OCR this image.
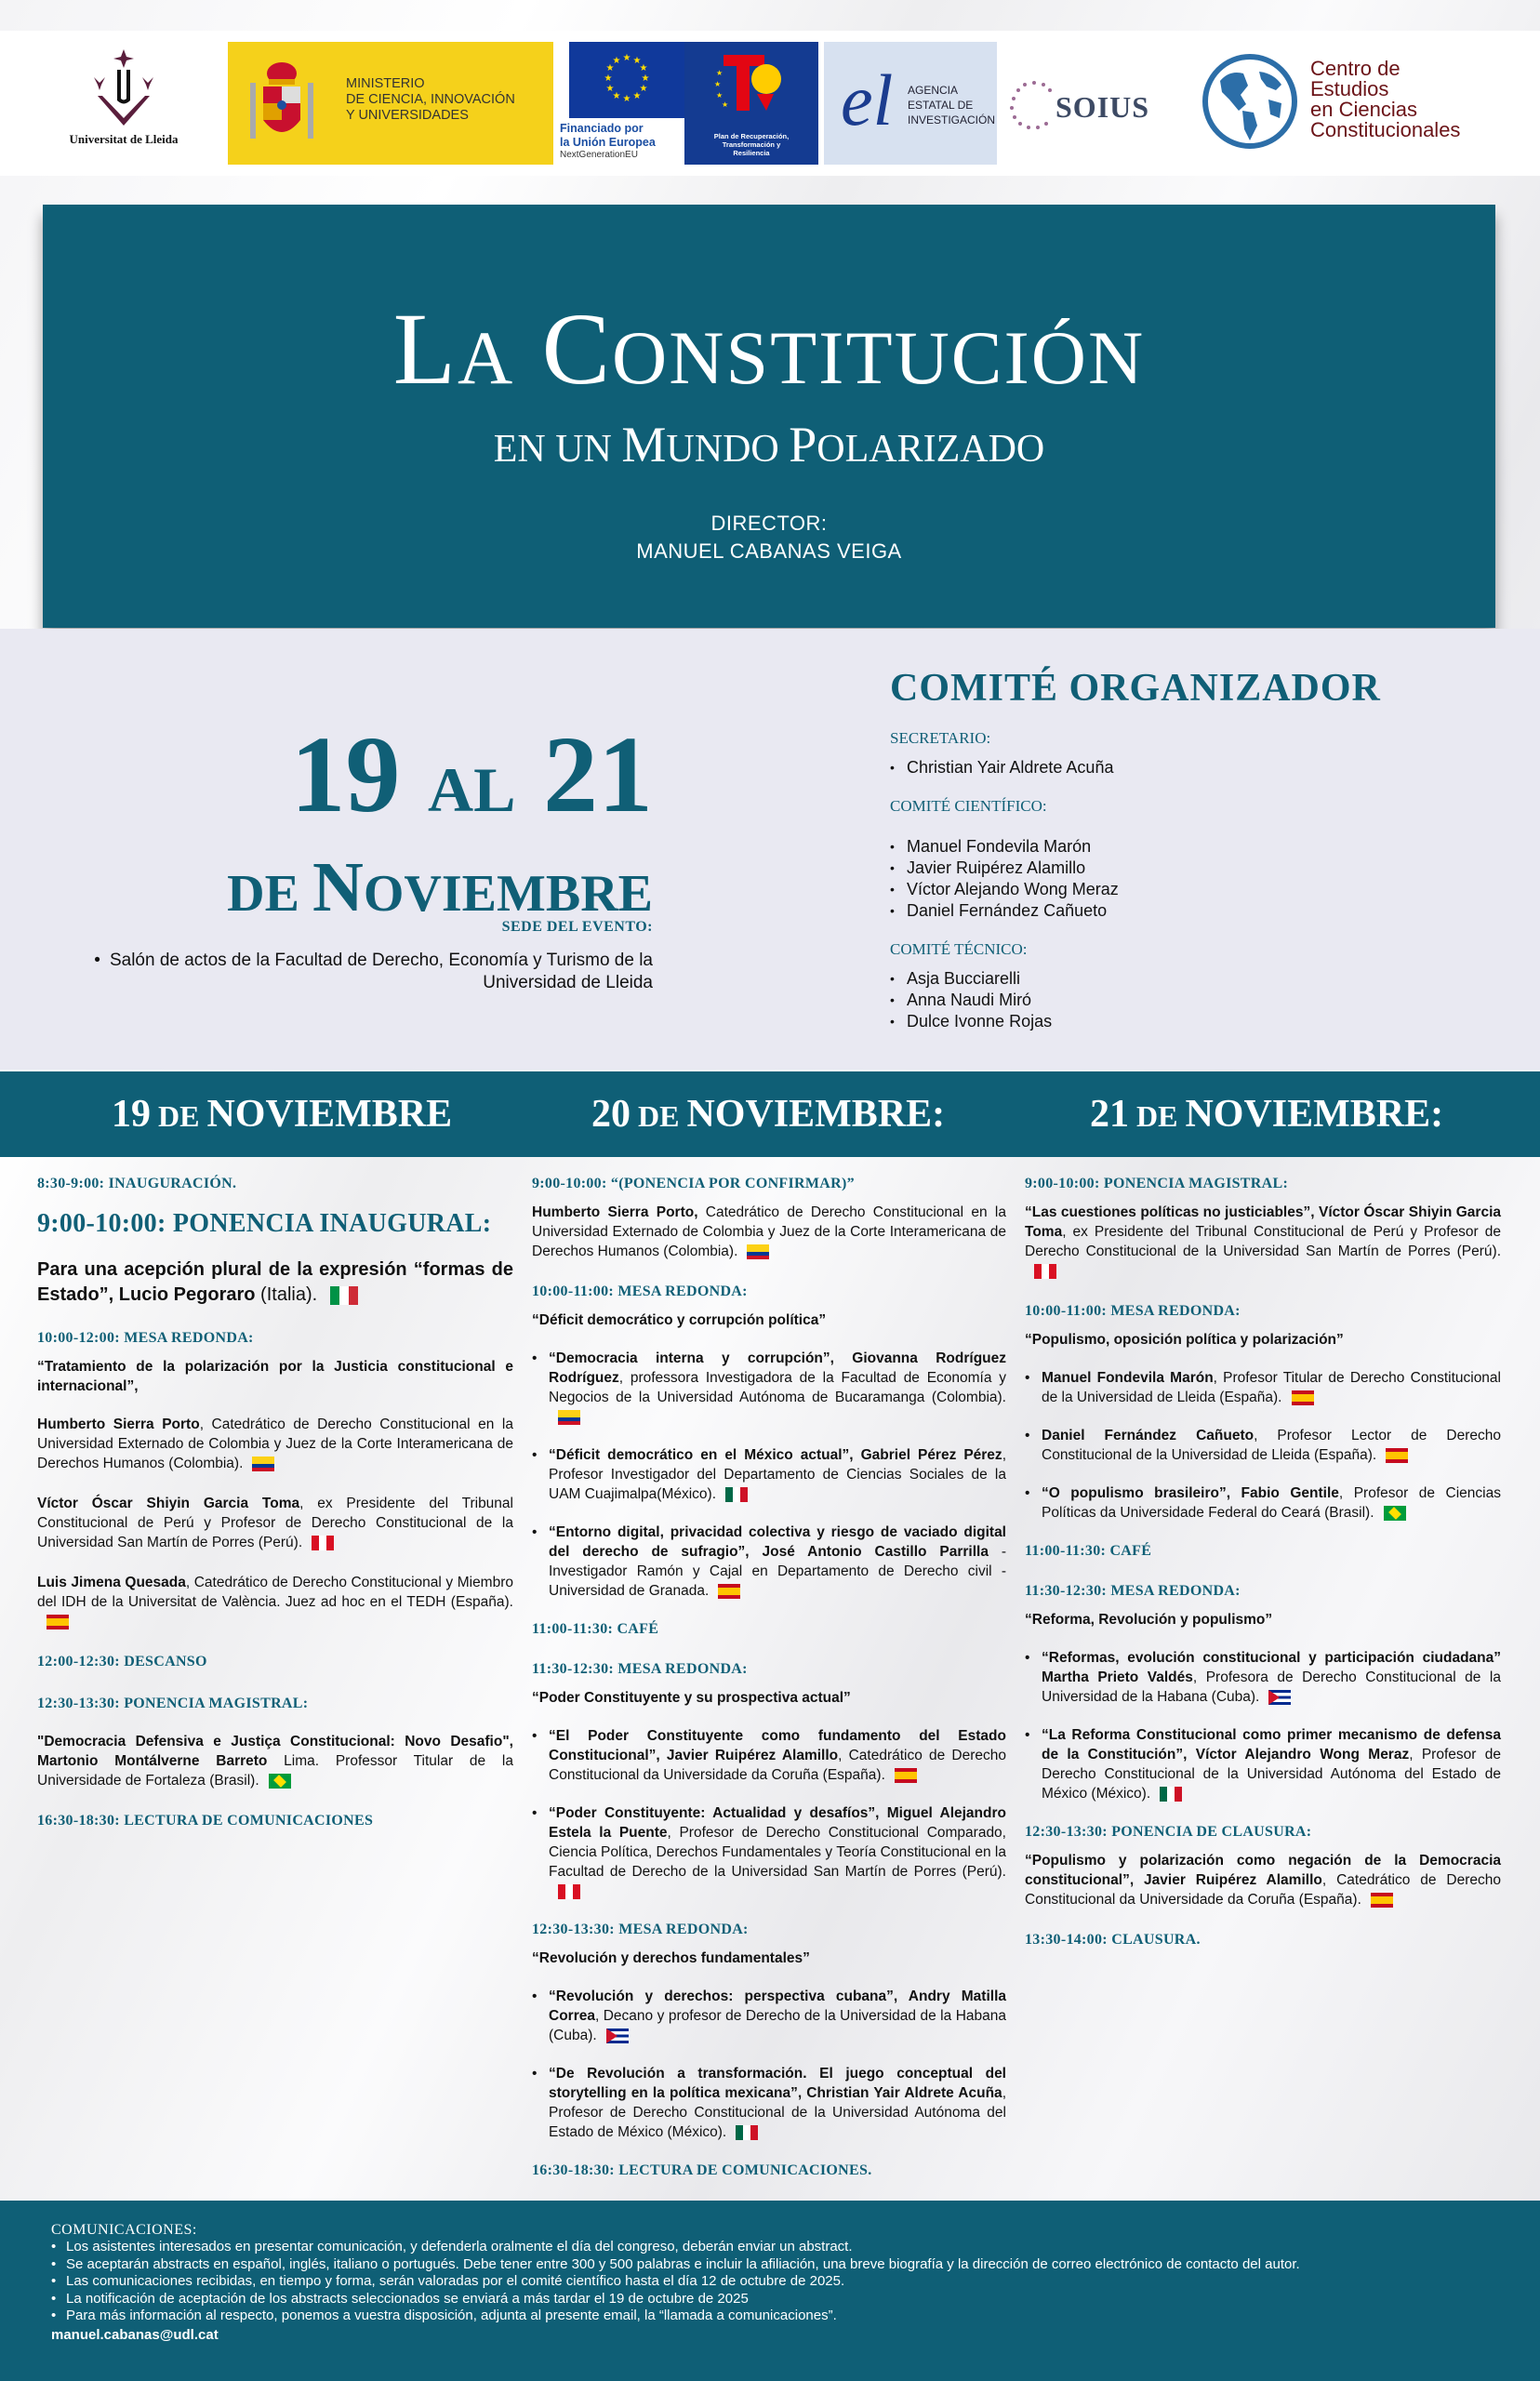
Universitat de Lleida
MINISTERIO
DE CIENCIA, INNOVACIÓN
Y UNIVERSIDADES
★ ★
★
★
★
★
★
★
★
★
★
★
Financiado por
la Unión Europea
NextGenerationEU
★
★
★
★
Plan de Recuperación,
Transformación y
Resiliencia
el AGENCIA
ESTATAL DE
INVESTIGACIÓN SOIUS
Centro de
Estudios
en Ciencias
Constitucionales
LA CONSTITUCIÓN
EN UN MUNDO POLARIZADO
DIRECTOR:
MANUEL CABANAS VEIGA
19 AL 21
DE NOVIEMBRE
SEDE DEL EVENTO:
• Salón de actos de la Facultad de Derecho, Economía y Turismo de la Universidad de Lleida
COMITÉ ORGANIZADOR
SECRETARIO:
• Christian Yair Aldrete Acuña
COMITÉ CIENTÍFICO:
• Manuel Fondevila Marón
• Javier Ruipérez Alamillo
• Víctor Alejando Wong Meraz
• Daniel Fernández Cañueto
COMITÉ TÉCNICO:
• Asja Bucciarelli
• Anna Naudi Miró
• Dulce Ivonne Rojas
19 DE NOVIEMBRE	20 DE NOVIEMBRE:	21 DE NOVIEMBRE:
8:30-9:00: INAUGURACIÓN.
9:00-10:00: PONENCIA INAUGURAL:
Para una acepción plural de la expresión “formas de Estado”, Lucio Pegoraro (Italia).
10:00-12:00: MESA REDONDA:
“Tratamiento de la polarización por la Justicia constitucional e internacional”,
Humberto Sierra Porto, Catedrático de Derecho Constitucional en la Universidad Externado de Colombia y Juez de la Corte Interamericana de Derechos Humanos (Colombia).
Víctor Óscar Shiyin Garcia Toma, ex Presidente del Tribunal Constitucional de Perú y Profesor de Derecho Constitucional de la Universidad San Martín de Porres (Perú).
Luis Jimena Quesada, Catedrático de Derecho Constitucional y Miembro del IDH de la Universitat de València. Juez ad hoc en el TEDH (España).
12:00-12:30: DESCANSO
12:30-13:30: PONENCIA MAGISTRAL:
"Democracia Defensiva e Justiça Constitucional: Novo Desafio", Martonio Montálverne Barreto Lima. Professor Titular de la Universidade de Fortaleza (Brasil).
16:30-18:30: LECTURA DE COMUNICACIONES
9:00-10:00: “(PONENCIA POR CONFIRMAR)”
Humberto Sierra Porto, Catedrático de Derecho Constitucional en la Universidad Externado de Colombia y Juez de la Corte Interamericana de Derechos Humanos (Colombia).
10:00-11:00: MESA REDONDA:
“Déficit democrático y corrupción política”
• “Democracia interna y corrupción”, Giovanna Rodríguez Rodríguez, professora Investigadora de la Facultad de Economía y Negocios de la Universidad Autónoma de Bucaramanga (Colombia).
• “Déficit democrático en el México actual”, Gabriel Pérez Pérez, Profesor Investigador del Departamento de Ciencias Sociales de la UAM Cuajimalpa(México).
• “Entorno digital, privacidad colectiva y riesgo de vaciado digital del derecho de sufragio”, José Antonio Castillo Parrilla - Investigador Ramón y Cajal en Departamento de Derecho civil - Universidad de Granada.
11:00-11:30: CAFÉ
11:30-12:30: MESA REDONDA:
“Poder Constituyente y su prospectiva actual”
• “El Poder Constituyente como fundamento del Estado Constitucional”, Javier Ruipérez Alamillo, Catedrático de Derecho Constitucional da Universidade da Coruña (España).
• “Poder Constituyente: Actualidad y desafíos”, Miguel Alejandro Estela la Puente, Profesor de Derecho Constitucional Comparado, Ciencia Política, Derechos Fundamentales y Teoría Constitucional en la Facultad de Derecho de la Universidad San Martín de Porres (Perú).
12:30-13:30: MESA REDONDA:
“Revolución y derechos fundamentales”
• “Revolución y derechos: perspectiva cubana”, Andry Matilla Correa, Decano y profesor de Derecho de la Universidad de la Habana (Cuba).
• “De Revolución a transformación. El juego conceptual del storytelling en la política mexicana”, Christian Yair Aldrete Acuña, Profesor de Derecho Constitucional de la Universidad Autónoma del Estado de México (México).
16:30-18:30: LECTURA DE COMUNICACIONES.
9:00-10:00: PONENCIA MAGISTRAL:
“Las cuestiones políticas no justiciables”, Víctor Óscar Shiyin Garcia Toma, ex Presidente del Tribunal Constitucional de Perú y Profesor de Derecho Constitucional de la Universidad San Martín de Porres (Perú).
10:00-11:00: MESA REDONDA:
“Populismo, oposición política y polarización”
• Manuel Fondevila Marón, Profesor Titular de Derecho Constitucional de la Universidad de Lleida (España).
• Daniel Fernández Cañueto, Profesor Lector de Derecho Constitucional de la Universidad de Lleida (España).
• “O populismo brasileiro”, Fabio Gentile, Profesor de Ciencias Políticas da Universidade Federal do Ceará (Brasil).
11:00-11:30: CAFÉ
11:30-12:30: MESA REDONDA:
“Reforma, Revolución y populismo”
• “Reformas, evolución constitucional y participación ciudadana” Martha Prieto Valdés, Profesora de Derecho Constitucional de la Universidad de la Habana (Cuba).
• “La Reforma Constitucional como primer mecanismo de defensa de la Constitución”, Víctor Alejandro Wong Meraz, Profesor de Derecho Constitucional de la Universidad Autónoma del Estado de México (México).
12:30-13:30: PONENCIA DE CLAUSURA:
“Populismo y polarización como negación de la Democracia constitucional”, Javier Ruipérez Alamillo, Catedrático de Derecho Constitucional da Universidade da Coruña (España).
13:30-14:00: CLAUSURA.
COMUNICACIONES:
• Los asistentes interesados en presentar comunicación, y defenderla oralmente el día del congreso, deberán enviar un abstract.
• Se aceptarán abstracts en español, inglés, italiano o portugués. Debe tener entre 300 y 500 palabras e incluir la afiliación, una breve biografía y la dirección de correo electrónico de contacto del autor.
• Las comunicaciones recibidas, en tiempo y forma, serán valoradas por el comité científico hasta el día 12 de octubre de 2025.
• La notificación de aceptación de los abstracts seleccionados se enviará a más tardar el 19 de octubre de 2025
• Para más información al respecto, ponemos a vuestra disposición, adjunta al presente email, la “llamada a comunicaciones”.
manuel.cabanas@udl.cat
